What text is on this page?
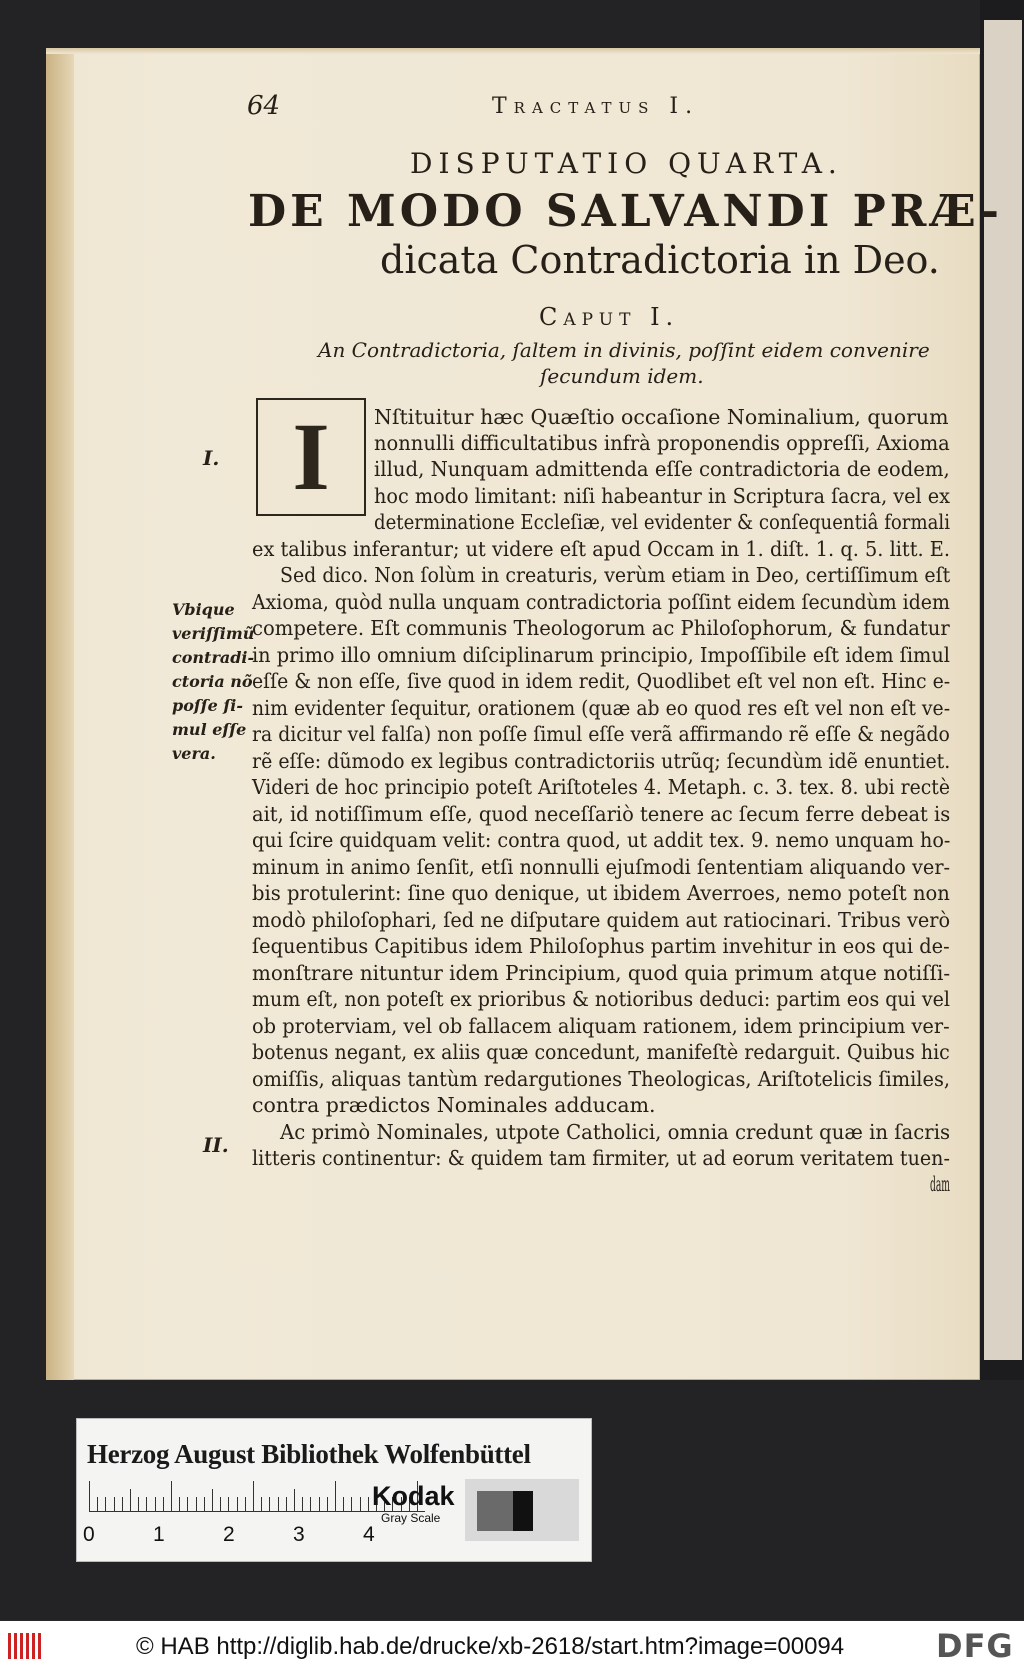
64	Tractatus I.

DISPUTATIO QUARTA.

DE MODO SALVANDI PRÆ-

dicata Contradictoria in Deo.

Caput I.

An Contradictoria, ſaltem in divinis, poſſint eidem convenire

ſecundum idem.

I	Nſtituitur hæc Quæſtio occaſione Nominalium, quorum

nonnulli difficultatibus infrà proponendis oppreſſi, Axioma

illud, Nunquam admittenda eſſe contradictoria de eodem,

hoc modo limitant: niſi habeantur in Scriptura ſacra, vel ex

determinatione Eccleſiæ, vel evidenter & conſequentiâ formali

ex talibus inferantur; ut videre eſt apud Occam in 1. diſt. 1. q. 5. litt. E.

Sed dico. Non ſolùm in creaturis, verùm etiam in Deo, certiſſimum eſt

Axioma, quòd nulla unquam contradictoria poſſint eidem ſecundùm idem

competere. Eſt communis Theologorum ac Philoſophorum, & fundatur

in primo illo omnium diſciplinarum principio, Impoſſibile eſt idem ſimul

eſſe & non eſſe, ſive quod in idem redit, Quodlibet eſt vel non eſt. Hinc e-

nim evidenter ſequitur, orationem (quæ ab eo quod res eſt vel non eſt ve-

ra dicitur vel falſa) non poſſe ſimul eſſe verã affirmando rẽ eſſe & negãdo

rẽ eſſe: dũmodo ex legibus contradictoriis utrũq; ſecundùm idẽ enuntiet.

Videri de hoc principio poteſt Ariſtoteles 4. Metaph. c. 3. tex. 8. ubi rectè

ait, id notiſſimum eſſe, quod neceſſariò tenere ac ſecum ferre debeat is

qui ſcire quidquam velit: contra quod, ut addit tex. 9. nemo unquam ho-

minum in animo ſenſit, etſi nonnulli ejuſmodi ſententiam aliquando ver-

bis protulerint: ſine quo denique, ut ibidem Averroes, nemo poteſt non

modò philoſophari, ſed ne diſputare quidem aut ratiocinari. Tribus verò

ſequentibus Capitibus idem Philoſophus partim invehitur in eos qui de-

monſtrare nituntur idem Principium, quod quia primum atque notiſſi-

mum eſt, non poteſt ex prioribus & notioribus deduci: partim eos qui vel

ob proterviam, vel ob fallacem aliquam rationem, idem principium ver-

botenus negant, ex aliis quæ concedunt, manifeſtè redarguit. Quibus hic

omiſſis, aliquas tantùm redargutiones Theologicas, Ariſtotelicis ſimiles,

contra prædictos Nominales adducam.

Ac primò Nominales, utpote Catholici, omnia credunt quæ in ſacris

litteris continentur: & quidem tam firmiter, ut ad eorum veritatem tuen-

dam

I.

Vbique

veriſſimũ

contradi-

ctoria nõ

poſſe ſi-

mul eſſe

vera.

II.

Herzog August Bibliothek Wolfenbüttel
0	1	2	3	4
Kodak
Gray Scale
© HAB http://diglib.hab.de/drucke/xb-2618/start.htm?image=00094	DFG
